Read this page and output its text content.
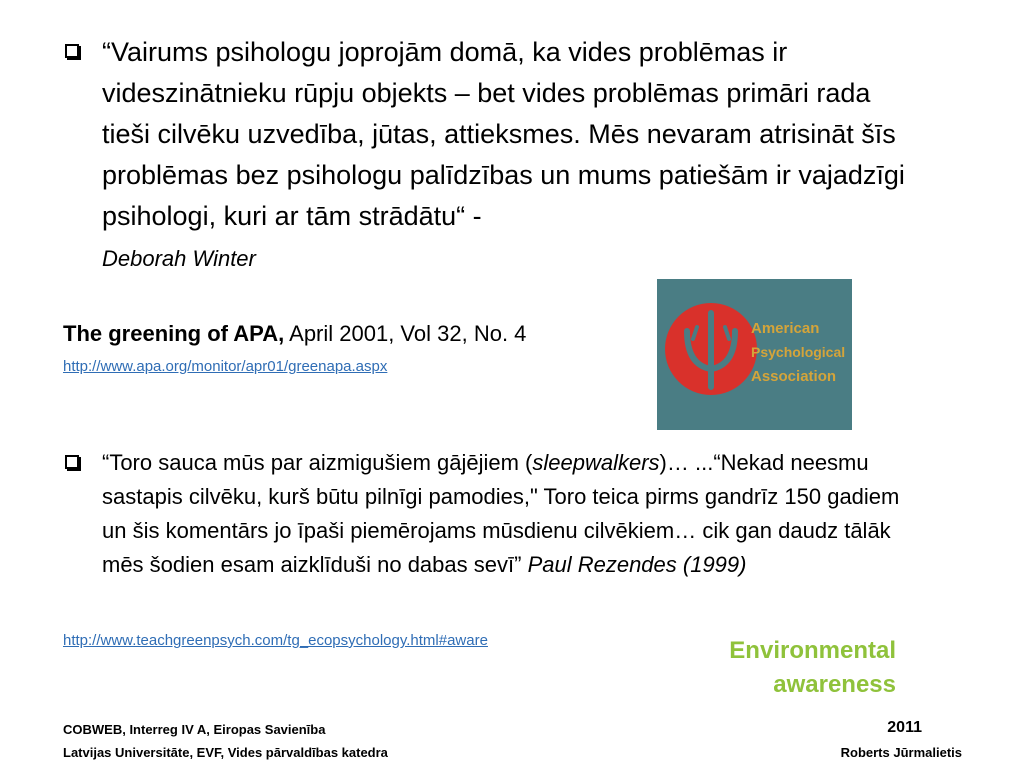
“Vairums psihologu joprojām domā, ka vides problēmas ir videszinātnieku rūpju objekts – bet vides problēmas primāri rada tieši cilvēku uzvedība, jūtas, attieksmes. Mēs nevaram atrisināt šīs problēmas bez psihologu palīdzības un mums patiešām ir vajadzīgi psihologi, kuri ar tām strādātu“ -
Deborah Winter
The greening of APA, April 2001, Vol 32, No. 4
http://www.apa.org/monitor/apr01/greenapa.aspx
American
Psychological
Association
“Toro sauca mūs par aizmigušiem gājējiem (sleepwalkers)… ...“Nekad neesmu sastapis cilvēku, kurš būtu pilnīgi pamodies," Toro teica pirms gandrīz 150 gadiem un šis komentārs jo īpaši piemērojams mūsdienu cilvēkiem… cik gan daudz tālāk mēs šodien esam aizklīduši no dabas sevī” Paul Rezendes (1999)
http://www.teachgreenpsych.com/tg_ecopsychology.html#aware	Environmental
awareness
COBWEB, Interreg IV A, Eiropas Savienība
Latvijas Universitāte, EVF, Vides pārvaldības katedra
2011
Roberts Jūrmalietis
